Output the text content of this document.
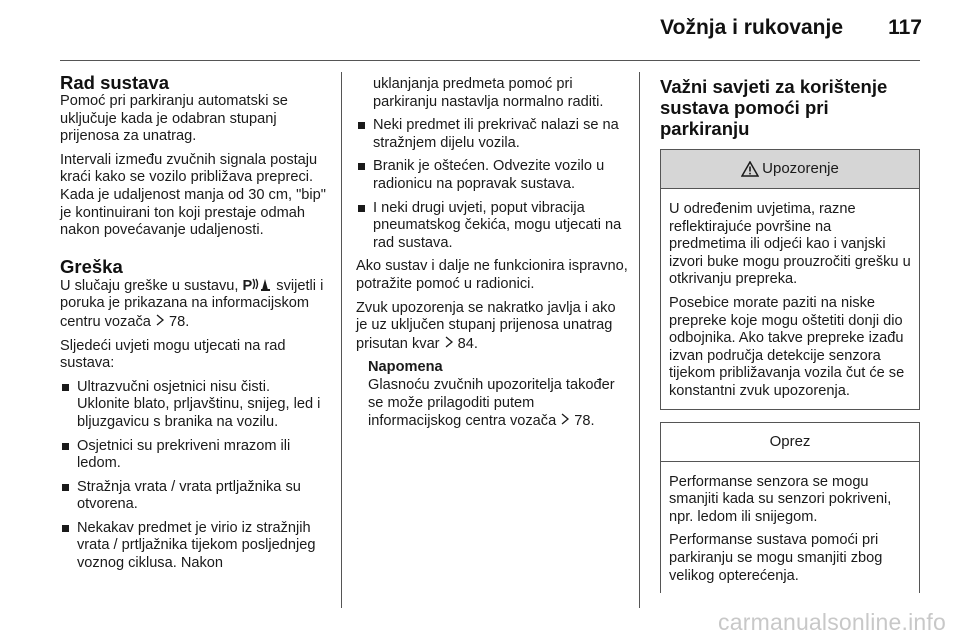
Vožnja i rukovanje 117
Rad sustava

Pomoć pri parkiranju automatski se uključuje kada je odabran stupanj prijenosa za unatrag.

Intervali između zvučnih signala postaju kraći kako se vozilo približava prepreci. Kada je udaljenost manja od 30 cm, "bip" je kontinuirani ton koji prestaje odmah nakon povećavanje udaljenosti.

Greška

U slučaju greške u sustavu, P svijetli i poruka je prikazana na informacijskom centru vozača  78.

Sljedeći uvjeti mogu utjecati na rad sustava:

Ultrazvučni osjetnici nisu čisti. Uklonite blato, prljavštinu, snijeg, led i bljuzgavicu s branika na vozilu.
Osjetnici su prekriveni mrazom ili ledom.
Stražnja vrata / vrata prtljažnika su otvorena.
Nekakav predmet je virio iz stražnjih vrata / prtljažnika tijekom posljednjeg voznog ciklusa. Nakon

uklanjanja predmeta pomoć pri parkiranju nastavlja normalno raditi.

Neki predmet ili prekrivač nalazi se na stražnjem dijelu vozila.
Branik je oštećen. Odvezite vozilo u radionicu na popravak sustava.
I neki drugi uvjeti, poput vibracija pneumatskog čekića, mogu utjecati na rad sustava.

Ako sustav i dalje ne funkcionira ispravno, potražite pomoć u radionici.

Zvuk upozorenja se nakratko javlja i ako je uz uključen stupanj prijenosa unatrag prisutan kvar  84.

Napomena

Glasnoću zvučnih upozoritelja također se može prilagoditi putem informacijskog centra vozača  78.

Važni savjeti za korištenje sustava pomoći pri parkiranju
Upozorenje

U određenim uvjetima, razne reflektirajuće površine na predmetima ili odjeći kao i vanjski izvori buke mogu prouzročiti grešku u otkrivanju prepreka.

Posebice morate paziti na niske prepreke koje mogu oštetiti donji dio odbojnika. Ako takve prepreke izađu izvan područja detekcije senzora tijekom približavanja vozila čut će se konstantni zvuk upozorenja.

Oprez

Performanse senzora se mogu smanjiti kada su senzori pokriveni, npr. ledom ili snijegom.

Performanse sustava pomoći pri parkiranju se mogu smanjiti zbog velikog opterećenja.

carmanualsonline.info
